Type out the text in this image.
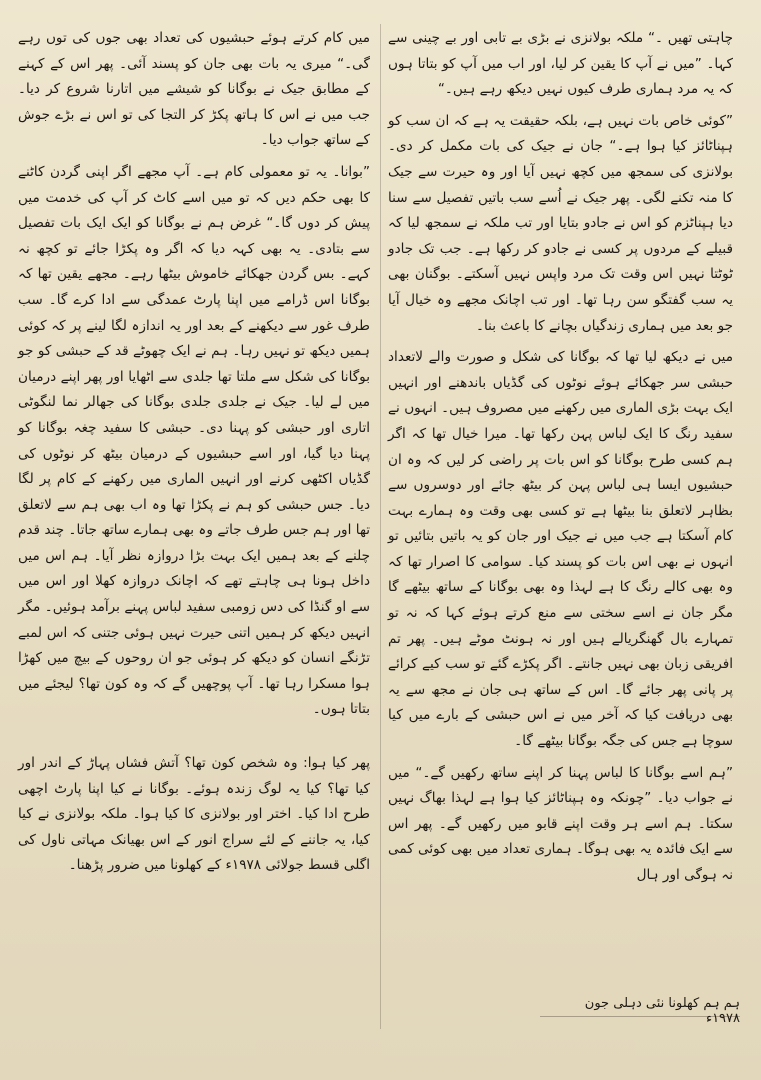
چاہتی تھیں ۔“ ملکہ بولانزی نے بڑی بے تابی اور بے چینی سے کہا۔ ”میں نے آپ کا یقین کر لیا، اور اب میں آپ کو بتاتا ہوں کہ یہ مرد ہماری طرف کیوں نہیں دیکھ رہے ہیں۔“

”کوئی خاص بات نہیں ہے، بلکہ حقیقت یہ ہے کہ ان سب کو ہپناٹائز کیا ہوا ہے۔“ جان نے جیک کی بات مکمل کر دی۔ بولانزی کی سمجھ میں کچھ نہیں آیا اور وہ حیرت سے جیک کا منہ تکنے لگی۔ پھر جیک نے اُسے سب باتیں تفصیل سے سنا دیا ہپناٹزم کو اس نے جادو بتایا اور تب ملکہ نے سمجھ لیا کہ قبیلے کے مردوں پر کسی نے جادو کر رکھا ہے۔ جب تک جادو ٹوٹتا نہیں اس وقت تک مرد واپس نہیں آسکتے۔ بوگنان بھی یہ سب گفتگو سن رہا تھا۔ اور تب اچانک مجھے وہ خیال آیا جو بعد میں ہماری زندگیاں بچانے کا باعث بنا۔

میں نے دیکھ لیا تھا کہ بوگانا کی شکل و صورت والے لاتعداد حبشی سر جھکائے ہوئے نوٹوں کی گڈیاں باندھنے اور انہیں ایک بہت بڑی الماری میں رکھنے میں مصروف ہیں۔ انہوں نے سفید رنگ کا ایک لباس پہن رکھا تھا۔ میرا خیال تھا کہ اگر ہم کسی طرح بوگانا کو اس بات پر راضی کر لیں کہ وہ ان حبشیوں ایسا ہی لباس پہن کر بیٹھ جائے اور دوسروں سے بظاہر لاتعلق بنا بیٹھا ہے تو کسی بھی وقت وہ ہمارے بہت کام آسکتا ہے جب میں نے جیک اور جان کو یہ باتیں بتائیں تو انہوں نے بھی اس بات کو پسند کیا۔ سوامی کا اصرار تھا کہ وہ بھی کالے رنگ کا ہے لہذا وہ بھی بوگانا کے ساتھ بیٹھے گا مگر جان نے اسے سختی سے منع کرتے ہوئے کہا کہ نہ تو تمہارے بال گھنگریالے ہیں اور نہ ہونٹ موٹے ہیں۔ پھر تم افریقی زبان بھی نہیں جانتے۔ اگر پکڑے گئے تو سب کیے کرائے پر پانی پھر جائے گا۔ اس کے ساتھ ہی جان نے مجھ سے یہ بھی دریافت کیا کہ آخر میں نے اس حبشی کے بارے میں کیا سوچا ہے جس کی جگہ بوگانا بیٹھے گا۔

”ہم اسے بوگانا کا لباس پہنا کر اپنے ساتھ رکھیں گے۔“ میں نے جواب دیا۔ ”چونکہ وہ ہپناٹائز کیا ہوا ہے لہذا بھاگ نہیں سکتا۔ ہم اسے ہر وقت اپنے قابو میں رکھیں گے۔ پھر اس سے ایک فائدہ یہ بھی ہوگا۔ ہماری تعداد میں بھی کوئی کمی نہ ہوگی اور ہال

میں کام کرتے ہوئے حبشیوں کی تعداد بھی جوں کی توں رہے گی۔“ میری یہ بات بھی جان کو پسند آئی۔ پھر اس کے کہنے کے مطابق جیک نے بوگانا کو شیشے میں اتارنا شروع کر دیا۔ جب میں نے اس کا ہاتھ پکڑ کر التجا کی تو اس نے بڑے جوش کے ساتھ جواب دیا۔

”بوانا۔ یہ تو معمولی کام ہے۔ آپ مجھے اگر اپنی گردن کاٹنے کا بھی حکم دیں کہ تو میں اسے کاٹ کر آپ کی خدمت میں پیش کر دوں گا۔“ غرض ہم نے بوگانا کو ایک ایک بات تفصیل سے بتادی۔ یہ بھی کہہ دیا کہ اگر وہ پکڑا جائے تو کچھ نہ کہے۔ بس گردن جھکائے خاموش بیٹھا رہے۔ مجھے یقین تھا کہ بوگانا اس ڈرامے میں اپنا پارٹ عمدگی سے ادا کرے گا۔ سب طرف غور سے دیکھنے کے بعد اور یہ اندازہ لگا لینے پر کہ کوئی ہمیں دیکھ تو نہیں رہا۔ ہم نے ایک چھوٹے قد کے حبشی کو جو بوگانا کی شکل سے ملتا تھا جلدی سے اٹھایا اور پھر اپنے درمیان میں لے لیا۔ جیک نے جلدی جلدی بوگانا کی جھالر نما لنگوٹی اتاری اور حبشی کو پہنا دی۔ حبشی کا سفید چغہ بوگانا کو پہنا دیا گیا، اور اسے حبشیوں کے درمیان بیٹھ کر نوٹوں کی گڈیاں اکٹھی کرنے اور انہیں الماری میں رکھنے کے کام پر لگا دیا۔ جس حبشی کو ہم نے پکڑا تھا وہ اب بھی ہم سے لاتعلق تھا اور ہم جس طرف جاتے وہ بھی ہمارے ساتھ جاتا۔ چند قدم چلنے کے بعد ہمیں ایک بہت بڑا دروازہ نظر آیا۔ ہم اس میں داخل ہونا ہی چاہتے تھے کہ اچانک دروازہ کھلا اور اس میں سے او گنڈا کی دس زومبی سفید لباس پہنے برآمد ہوئیں۔ مگر انہیں دیکھ کر ہمیں اتنی حیرت نہیں ہوئی جتنی کہ اس لمبے تڑنگے انسان کو دیکھ کر ہوئی جو ان روحوں کے بیچ میں کھڑا ہوا مسکرا رہا تھا۔ آپ پوچھیں گے کہ وہ کون تھا؟ لیجئے میں بتاتا ہوں۔

پھر کیا ہوا: وہ شخص کون تھا؟ آتش فشاں پہاڑ کے اندر اور کیا تھا؟ کیا یہ لوگ زندہ ہوئے۔ بوگانا نے کیا اپنا پارٹ اچھی طرح ادا کیا۔ اختر اور بولانزی کا کیا ہوا۔ ملکہ بولانزی نے کیا کیا، یہ جاننے کے لئے سراج انور کے اس بھیانک مہاتی ناول کی اگلی قسط جولائی ۱۹۷۸ء کے کھلونا میں ضرور پڑھنا۔

ہم ہم کھلونا نئی دہلی جون ۱۹۷۸ء
